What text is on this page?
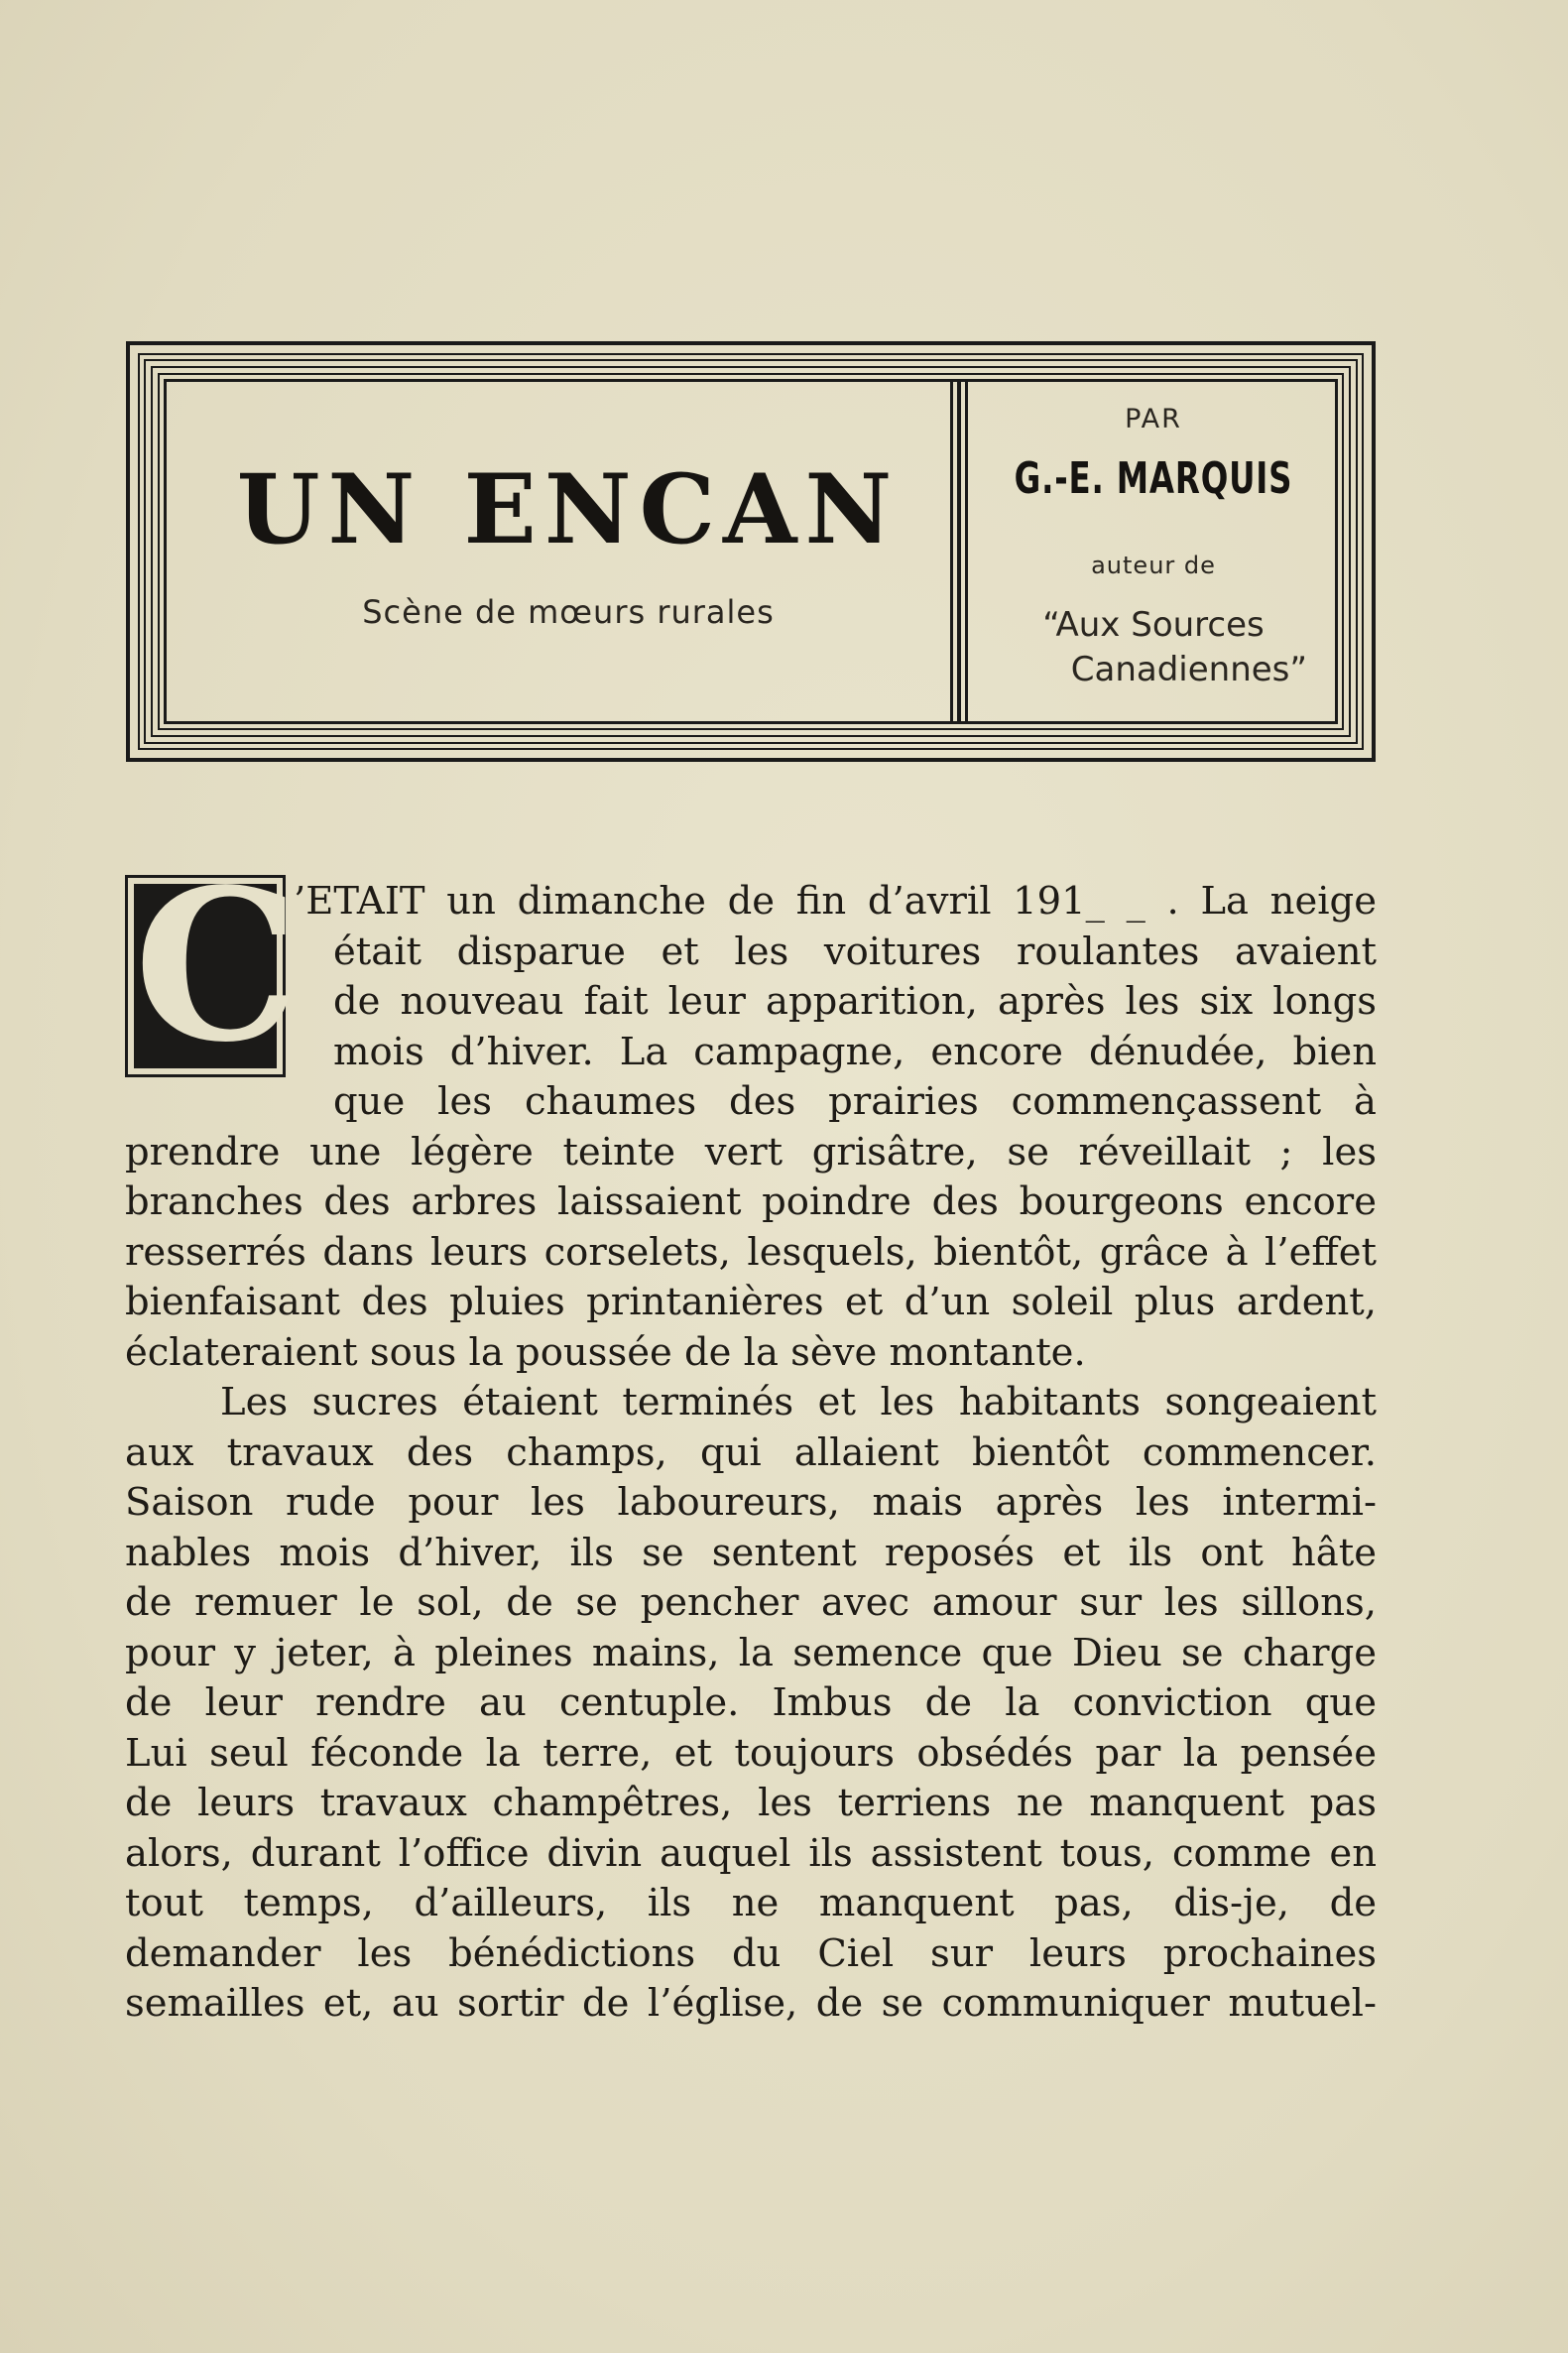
UN ENCAN

Scène de mœurs rurales

PAR

G.-E. MARQUIS

auteur de

“Aux Sources

Canadiennes”

C
’ETAIT un dimanche de fin d’avril 191_ _ . La neige
était disparue et les voitures roulantes avaient
de nouveau fait leur apparition, après les six longs
mois d’hiver. La campagne, encore dénudée, bien
que les chaumes des prairies commençassent à
prendre une légère teinte vert grisâtre, se réveillait ; les
branches des arbres laissaient poindre des bourgeons encore
resserrés dans leurs corselets, lesquels, bientôt, grâce à l’effet
bienfaisant des pluies printanières et d’un soleil plus ardent,
éclateraient sous la poussée de la sève montante.
Les sucres étaient terminés et les habitants songeaient
aux travaux des champs, qui allaient bientôt commencer.
Saison rude pour les laboureurs, mais après les intermi-
nables mois d’hiver, ils se sentent reposés et ils ont hâte
de remuer le sol, de se pencher avec amour sur les sillons,
pour y jeter, à pleines mains, la semence que Dieu se charge
de leur rendre au centuple. Imbus de la conviction que
Lui seul féconde la terre, et toujours obsédés par la pensée
de leurs travaux champêtres, les terriens ne manquent pas
alors, durant l’office divin auquel ils assistent tous, comme en
tout temps, d’ailleurs, ils ne manquent pas, dis-je, de
demander les bénédictions du Ciel sur leurs prochaines
semailles et, au sortir de l’église, de se communiquer mutuel-
